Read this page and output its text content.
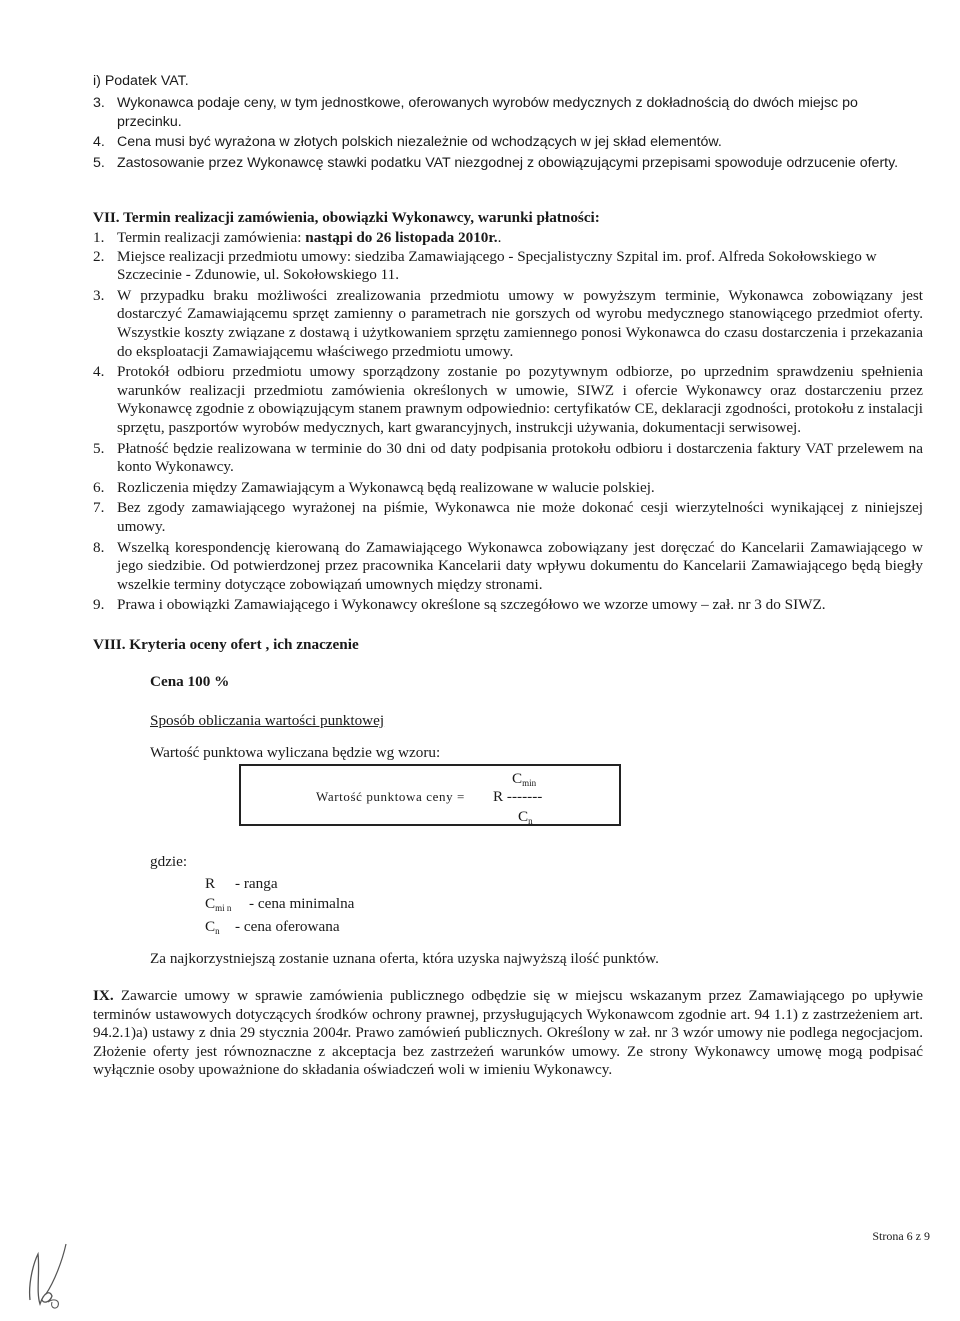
i) Podatek VAT.
3. Wykonawca podaje ceny, w tym jednostkowe, oferowanych wyrobów medycznych z dokładnością do dwóch miejsc po przecinku.
4. Cena musi być wyrażona w złotych polskich niezależnie od wchodzących w jej skład elementów.
5. Zastosowanie przez Wykonawcę stawki podatku VAT niezgodnej z obowiązującymi przepisami spowoduje odrzucenie oferty.
VII. Termin realizacji zamówienia, obowiązki Wykonawcy, warunki płatności:
1. Termin realizacji zamówienia: nastąpi do 26 listopada 2010r..
2. Miejsce realizacji przedmiotu umowy: siedziba Zamawiającego - Specjalistyczny Szpital im. prof. Alfreda Sokołowskiego w Szczecinie - Zdunowie, ul. Sokołowskiego 11.
3. W przypadku braku możliwości zrealizowania przedmiotu umowy w powyższym terminie, Wykonawca zobowiązany jest dostarczyć Zamawiającemu sprzęt zamienny o parametrach nie gorszych od wyrobu medycznego stanowiącego przedmiot oferty. Wszystkie koszty związane z dostawą i użytkowaniem sprzętu zamiennego ponosi Wykonawca do czasu dostarczenia i przekazania do eksploatacji Zamawiającemu właściwego przedmiotu umowy.
4. Protokół odbioru przedmiotu umowy sporządzony zostanie po pozytywnym odbiorze, po uprzednim sprawdzeniu spełnienia warunków realizacji przedmiotu zamówienia określonych w umowie, SIWZ i ofercie Wykonawcy oraz dostarczeniu przez Wykonawcę zgodnie z obowiązującym stanem prawnym odpowiednio: certyfikatów CE, deklaracji zgodności, protokołu z instalacji sprzętu, paszportów wyrobów medycznych, kart gwarancyjnych, instrukcji używania, dokumentacji serwisowej.
5. Płatność będzie realizowana w terminie do 30 dni od daty podpisania protokołu odbioru i dostarczenia faktury VAT przelewem na konto Wykonawcy.
6. Rozliczenia między Zamawiającym a Wykonawcą będą realizowane w walucie polskiej.
7. Bez zgody zamawiającego wyrażonej na piśmie, Wykonawca nie może dokonać cesji wierzytelności wynikającej z niniejszej umowy.
8. Wszelką korespondencję kierowaną do Zamawiającego Wykonawca zobowiązany jest doręczać do Kancelarii Zamawiającego w jego siedzibie. Od potwierdzonej przez pracownika Kancelarii daty wpływu dokumentu do Kancelarii Zamawiającego będą biegły wszelkie terminy dotyczące zobowiązań umownych między stronami.
9. Prawa i obowiązki Zamawiającego i Wykonawcy określone są szczegółowo we wzorze umowy – zał. nr 3 do SIWZ.
VIII. Kryteria oceny ofert , ich znaczenie
Cena 100 %
Sposób obliczania wartości punktowej
Wartość punktowa wyliczana będzie wg wzoru:
$C_{min}$
Wartość punktowa ceny = R -------
$C_n$
gdzie:
R	- ranga
$C_{mi n}$	- cena minimalna
$C_n$	- cena oferowana
Za najkorzystniejszą zostanie uznana oferta, która uzyska najwyższą ilość punktów.
IX. Zawarcie umowy w sprawie zamówienia publicznego odbędzie się w miejscu wskazanym przez Zamawiającego po upływie terminów ustawowych dotyczących środków ochrony prawnej, przysługujących Wykonawcom zgodnie art. 94 1.1) z zastrzeżeniem art. 94.2.1)a) ustawy z dnia 29 stycznia 2004r. Prawo zamówień publicznych. Określony w zał. nr 3 wzór umowy nie podlega negocjacjom. Złożenie oferty jest równoznaczne z akceptacja bez zastrzeżeń warunków umowy. Ze strony Wykonawcy umowę mogą podpisać wyłącznie osoby upoważnione do składania oświadczeń woli w imieniu Wykonawcy.
Strona 6 z 9
